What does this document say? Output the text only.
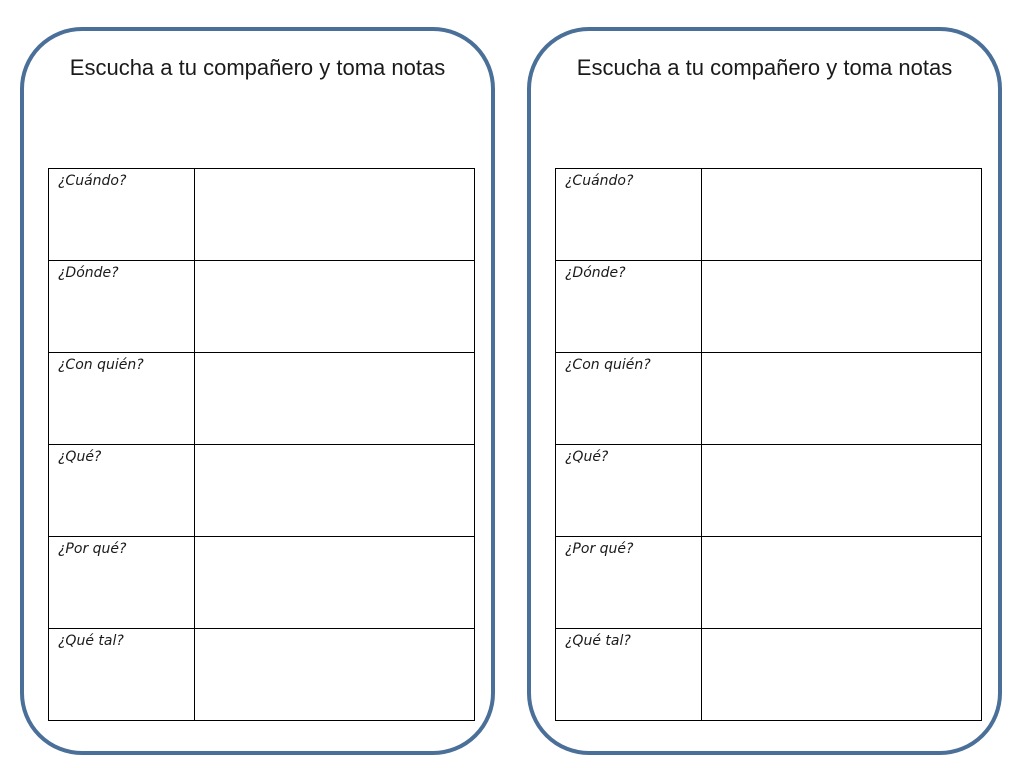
Escucha a tu compañero y toma notas
¿Cuándo?	

¿Dónde?	

¿Con quién?	

¿Qué?	

¿Por qué?	

¿Qué tal?	

Escucha a tu compañero y toma notas
¿Cuándo?	

¿Dónde?	

¿Con quién?	

¿Qué?	

¿Por qué?	

¿Qué tal?	
